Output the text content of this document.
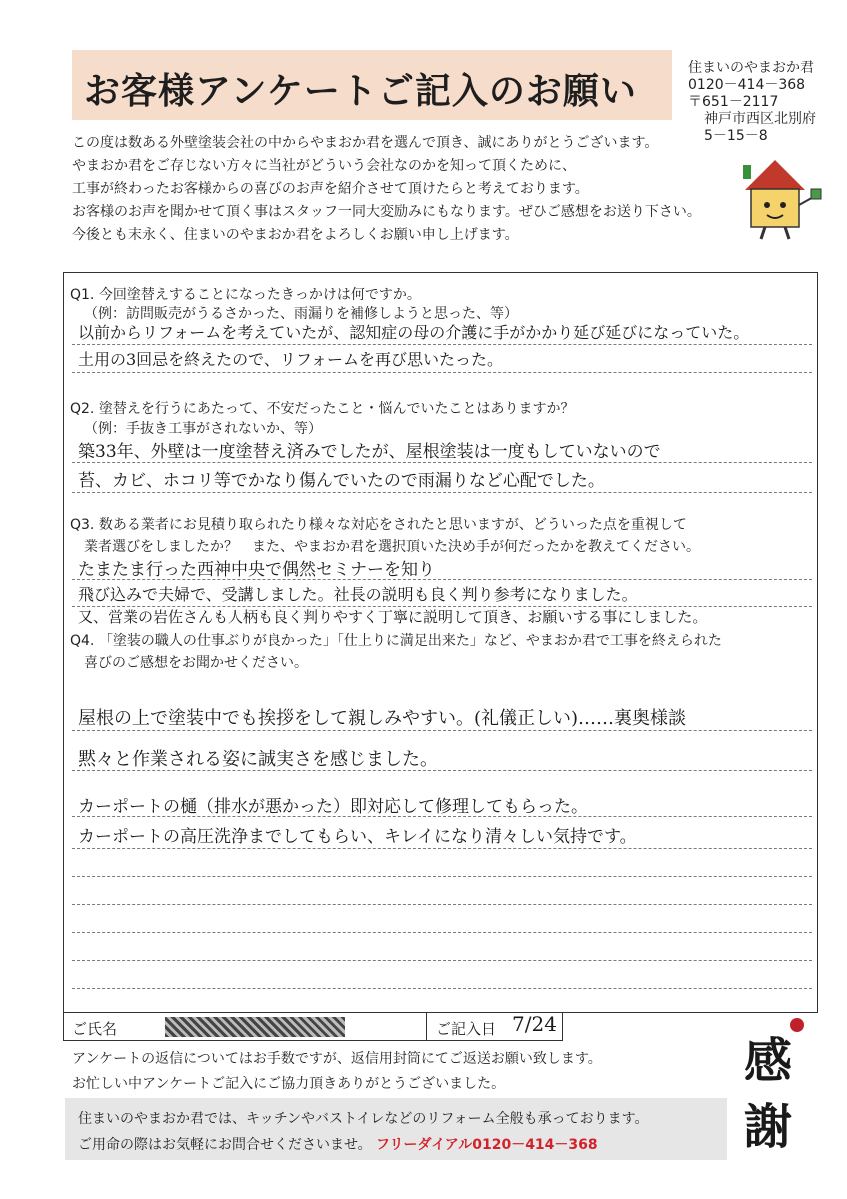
お客様アンケートご記入のお願い
住まいのやまおか君
0120－414－368
〒651－2117
神戸市西区北別府
5－15－8
この度は数ある外壁塗装会社の中からやまおか君を選んで頂き、誠にありがとうございます。
やまおか君をご存じない方々に当社がどういう会社なのかを知って頂くために、
工事が終わったお客様からの喜びのお声を紹介させて頂けたらと考えております。
お客様のお声を聞かせて頂く事はスタッフ一同大変励みにもなります。ぜひご感想をお送り下さい。
今後とも末永く、住まいのやまおか君をよろしくお願い申し上げます。
Q1. 今回塗替えすることになったきっかけは何ですか。
（例：訪問販売がうるさかった、雨漏りを補修しようと思った、等）
以前からリフォームを考えていたが、認知症の母の介護に手がかかり延び延びになっていた。
土用の3回忌を終えたので、リフォームを再び思いたった。
Q2. 塗替えを行うにあたって、不安だったこと・悩んでいたことはありますか？
（例：手抜き工事がされないか、等）
築33年、外壁は一度塗替え済みでしたが、屋根塗装は一度もしていないので
苔、カビ、ホコリ等でかなり傷んでいたので雨漏りなど心配でした。
Q3. 数ある業者にお見積り取られたり様々な対応をされたと思いますが、どういった点を重視して
業者選びをしましたか？　また、やまおか君を選択頂いた決め手が何だったかを教えてください。
たまたま行った西神中央で偶然セミナーを知り
飛び込みで夫婦で、受講しました。社長の説明も良く判り参考になりました。
又、営業の岩佐さんも人柄も良く判りやすく丁寧に説明して頂き、お願いする事にしました。
Q4. 「塗装の職人の仕事ぶりが良かった」「仕上りに満足出来た」など、やまおか君で工事を終えられた
喜びのご感想をお聞かせください。
屋根の上で塗装中でも挨拶をして親しみやすい。(礼儀正しい)……裏奥様談
黙々と作業される姿に誠実さを感じました。
カーポートの樋（排水が悪かった）即対応して修理してもらった。
カーポートの高圧洗浄までしてもらい、キレイになり清々しい気持です。
ご氏名	ご記入日 7/24
アンケートの返信についてはお手数ですが、返信用封筒にてご返送お願い致します。
お忙しい中アンケートご記入にご協力頂きありがとうございました。	感
謝
住まいのやまおか君では、キッチンやバストイレなどのリフォーム全般も承っております。
ご用命の際はお気軽にお問合せくださいませ。 フリーダイアル0120－414－368
